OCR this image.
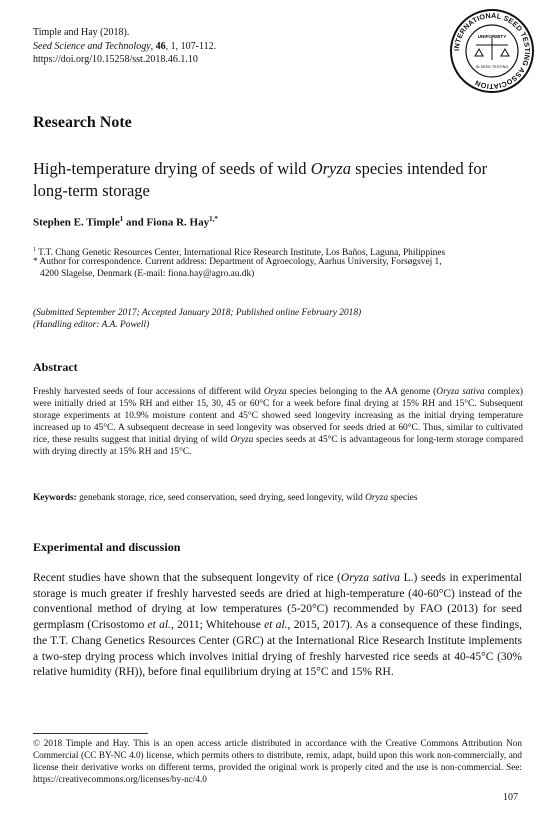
Timple and Hay (2018).
Seed Science and Technology, 46, 1, 107-112.
https://doi.org/10.15258/sst.2018.46.1.10
INTERNATIONAL SEED TESTING ASSOCIATION
UNIFORMITY
IN SEED TESTING
Research Note
High-temperature drying of seeds of wild Oryza species intended for long-term storage
Stephen E. Timple$^1$ and Fiona R. Hay$^{1,*}$
$^1$ T.T. Chang Genetic Resources Center, International Rice Research Institute, Los Baños, Laguna, Philippines
* Author for correspondence. Current address: Department of Agroecology, Aarhus University, Forsøgsvej 1,
4200 Slagelse, Denmark (E-mail: fiona.hay@agro.au.dk)
(Submitted September 2017; Accepted January 2018; Published online February 2018)
(Handling editor: A.A. Powell)
Abstract
Freshly harvested seeds of four accessions of different wild Oryza species belonging to the AA genome (Oryza sativa complex) were initially dried at 15% RH and either 15, 30, 45 or 60°C for a week before final drying at 15% RH and 15°C. Subsequent storage experiments at 10.9% moisture content and 45°C showed seed longevity increasing as the initial drying temperature increased up to 45°C. A subsequent decrease in seed longevity was observed for seeds dried at 60°C. Thus, similar to cultivated rice, these results suggest that initial drying of wild Oryza species seeds at 45°C is advantageous for long-term storage compared with drying directly at 15% RH and 15°C.
Keywords: genebank storage, rice, seed conservation, seed drying, seed longevity, wild Oryza species
Experimental and discussion
Recent studies have shown that the subsequent longevity of rice (Oryza sativa L.) seeds in experimental storage is much greater if freshly harvested seeds are dried at high-temperature (40-60°C) instead of the conventional method of drying at low temperatures (5-20°C) recommended by FAO (2013) for seed germplasm (Crisostomo et al., 2011; Whitehouse et al., 2015, 2017). As a consequence of these findings, the T.T. Chang Genetics Resources Center (GRC) at the International Rice Research Institute implements a two-step drying process which involves initial drying of freshly harvested rice seeds at 40-45°C (30% relative humidity (RH)), before final equilibrium drying at 15°C and 15% RH.
© 2018 Timple and Hay. This is an open access article distributed in accordance with the Creative Commons Attribution Non Commercial (CC BY-NC 4.0) license, which permits others to distribute, remix, adapt, build upon this work non-commercially, and license their derivative works on different terms, provided the original work is properly cited and the use is non-commercial. See: https://creativecommons.org/licenses/by-nc/4.0
107
